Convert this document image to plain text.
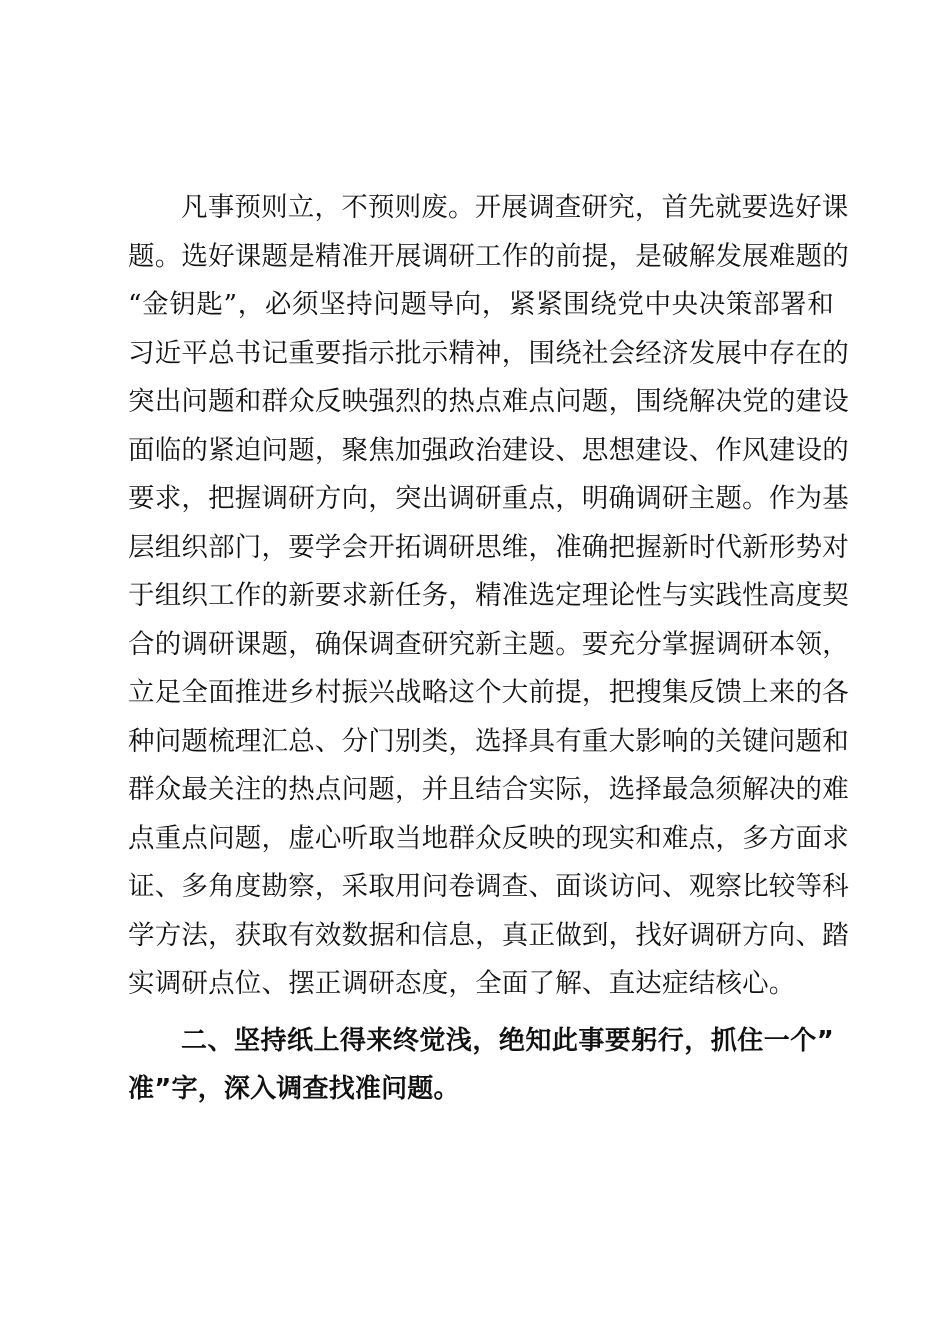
凡事预则立，不预则废。开展调查研究，首先就要选好课
题。选好课题是精准开展调研工作的前提，是破解发展难题的
“金钥匙”，必须坚持问题导向，紧紧围绕党中央决策部署和
习近平总书记重要指示批示精神，围绕社会经济发展中存在的
突出问题和群众反映强烈的热点难点问题，围绕解决党的建设
面临的紧迫问题，聚焦加强政治建设、思想建设、作风建设的
要求，把握调研方向，突出调研重点，明确调研主题。作为基
层组织部门，要学会开拓调研思维，准确把握新时代新形势对
于组织工作的新要求新任务，精准选定理论性与实践性高度契
合的调研课题，确保调查研究新主题。要充分掌握调研本领，
立足全面推进乡村振兴战略这个大前提，把搜集反馈上来的各
种问题梳理汇总、分门别类，选择具有重大影响的关键问题和
群众最关注的热点问题，并且结合实际，选择最急须解决的难
点重点问题，虚心听取当地群众反映的现实和难点，多方面求
证、多角度勘察，采取用问卷调查、面谈访问、观察比较等科
学方法，获取有效数据和信息，真正做到，找好调研方向、踏
实调研点位、摆正调研态度，全面了解、直达症结核心。
二、坚持纸上得来终觉浅，绝知此事要躬行，抓住一个”
准”字，深入调查找准问题。
